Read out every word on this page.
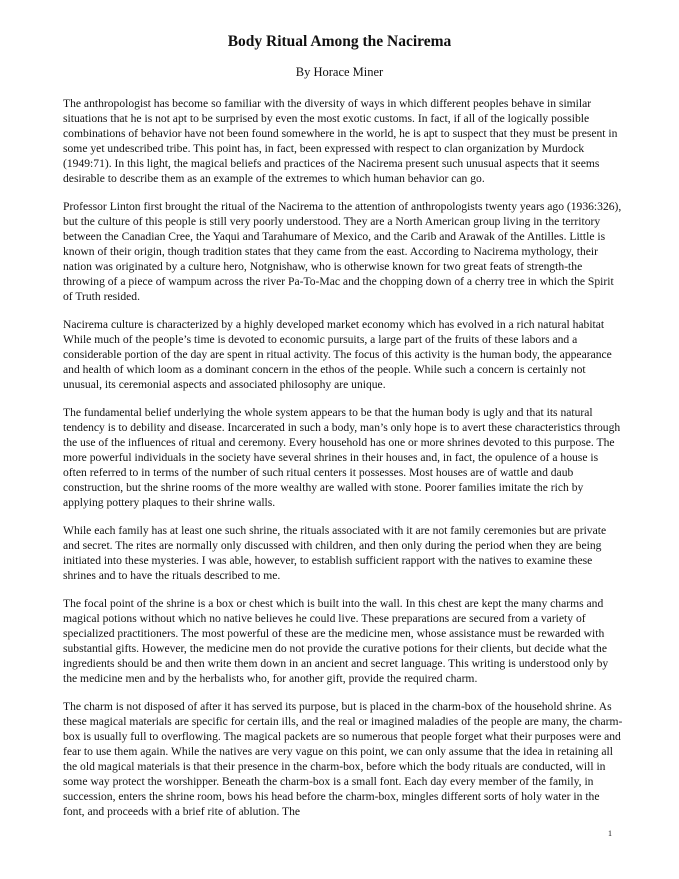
Body Ritual Among the Nacirema

By Horace Miner

The anthropologist has become so familiar with the diversity of ways in which different peoples behave in similar situations that he is not apt to be surprised by even the most exotic customs. In fact, if all of the logically possible combinations of behavior have not been found somewhere in the world, he is apt to suspect that they must be present in some yet undescribed tribe. This point has, in fact, been expressed with respect to clan organization by Murdock (1949:71). In this light, the magical beliefs and practices of the Nacirema present such unusual aspects that it seems desirable to describe them as an example of the extremes to which human behavior can go.

Professor Linton first brought the ritual of the Nacirema to the attention of anthropologists twenty years ago (1936:326), but the culture of this people is still very poorly understood. They are a North American group living in the territory between the Canadian Cree, the Yaqui and Tarahumare of Mexico, and the Carib and Arawak of the Antilles. Little is known of their origin, though tradition states that they came from the east. According to Nacirema mythology, their nation was originated by a culture hero, Notgnishaw, who is otherwise known for two great feats of strength-the throwing of a piece of wampum across the river Pa-To-Mac and the chopping down of a cherry tree in which the Spirit of Truth resided.

Nacirema culture is characterized by a highly developed market economy which has evolved in a rich natural habitat While much of the people’s time is devoted to economic pursuits, a large part of the fruits of these labors and a considerable portion of the day are spent in ritual activity. The focus of this activity is the human body, the appearance and health of which loom as a dominant concern in the ethos of the people. While such a concern is certainly not unusual, its ceremonial aspects and associated philosophy are unique.

The fundamental belief underlying the whole system appears to be that the human body is ugly and that its natural tendency is to debility and disease. Incarcerated in such a body, man’s only hope is to avert these characteristics through the use of the influences of ritual and ceremony. Every household has one or more shrines devoted to this purpose. The more powerful individuals in the society have several shrines in their houses and, in fact, the opulence of a house is often referred to in terms of the number of such ritual centers it possesses. Most houses are of wattle and daub construction, but the shrine rooms of the more wealthy are walled with stone. Poorer families imitate the rich by applying pottery plaques to their shrine walls.

While each family has at least one such shrine, the rituals associated with it are not family ceremonies but are private and secret. The rites are normally only discussed with children, and then only during the period when they are being initiated into these mysteries. I was able, however, to establish sufficient rapport with the natives to examine these shrines and to have the rituals described to me.

The focal point of the shrine is a box or chest which is built into the wall. In this chest are kept the many charms and magical potions without which no native believes he could live. These preparations are secured from a variety of specialized practitioners. The most powerful of these are the medicine men, whose assistance must be rewarded with substantial gifts. However, the medicine men do not provide the curative potions for their clients, but decide what the ingredients should be and then write them down in an ancient and secret language. This writing is understood only by the medicine men and by the herbalists who, for another gift, provide the required charm.

The charm is not disposed of after it has served its purpose, but is placed in the charm-box of the household shrine. As these magical materials are specific for certain ills, and the real or imagined maladies of the people are many, the charm-box is usually full to overflowing. The magical packets are so numerous that people forget what their purposes were and fear to use them again. While the natives are very vague on this point, we can only assume that the idea in retaining all the old magical materials is that their presence in the charm-box, before which the body rituals are conducted, will in some way protect the worshipper. Beneath the charm-box is a small font. Each day every member of the family, in succession, enters the shrine room, bows his head before the charm-box, mingles different sorts of holy water in the font, and proceeds with a brief rite of ablution. The

1
